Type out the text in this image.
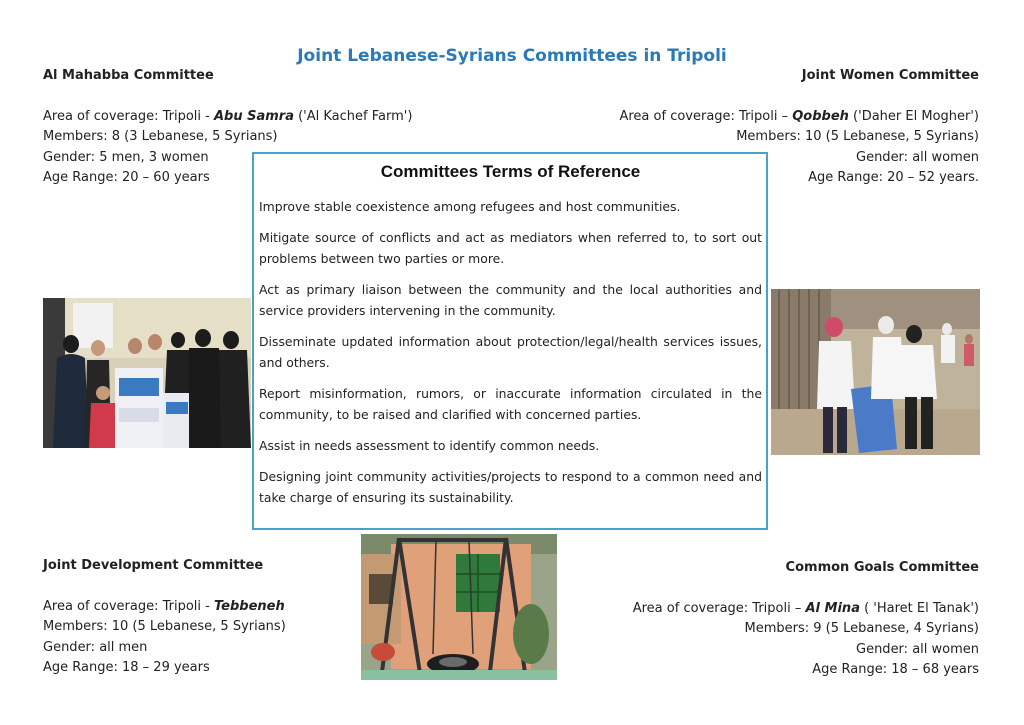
Joint Lebanese-Syrians Committees in Tripoli
Al Mahabba Committee
Area of coverage: Tripoli - Abu Samra ('Al Kachef Farm')
Members: 8 (3 Lebanese, 5 Syrians)
Gender: 5 men, 3 women
Age Range: 20 – 60 years
Joint Women Committee
Area of coverage: Tripoli – Qobbeh ('Daher El Mogher')
Members: 10 (5 Lebanese, 5 Syrians)
Gender: all women
Age Range: 20 – 52 years.
Committees Terms of Reference

Improve stable coexistence among refugees and host communities.

Mitigate source of conflicts and act as mediators when referred to, to sort out problems between two parties or more.

Act as primary liaison between the community and the local authorities and service providers intervening in the community.

Disseminate updated information about protection/legal/health services issues, and others.

Report misinformation, rumors, or inaccurate information circulated in the community, to be raised and clarified with concerned parties.

Assist in needs assessment to identify common needs.

Designing joint community activities/projects to respond to a common need and take charge of ensuring its sustainability.

Joint Development Committee
Area of coverage: Tripoli - Tebbeneh
Members: 10 (5 Lebanese, 5 Syrians)
Gender: all men
Age Range: 18 – 29 years
Common Goals Committee
Area of coverage: Tripoli – Al Mina ( 'Haret El Tanak')
Members: 9 (5 Lebanese, 4 Syrians)
Gender: all women
Age Range: 18 – 68 years
